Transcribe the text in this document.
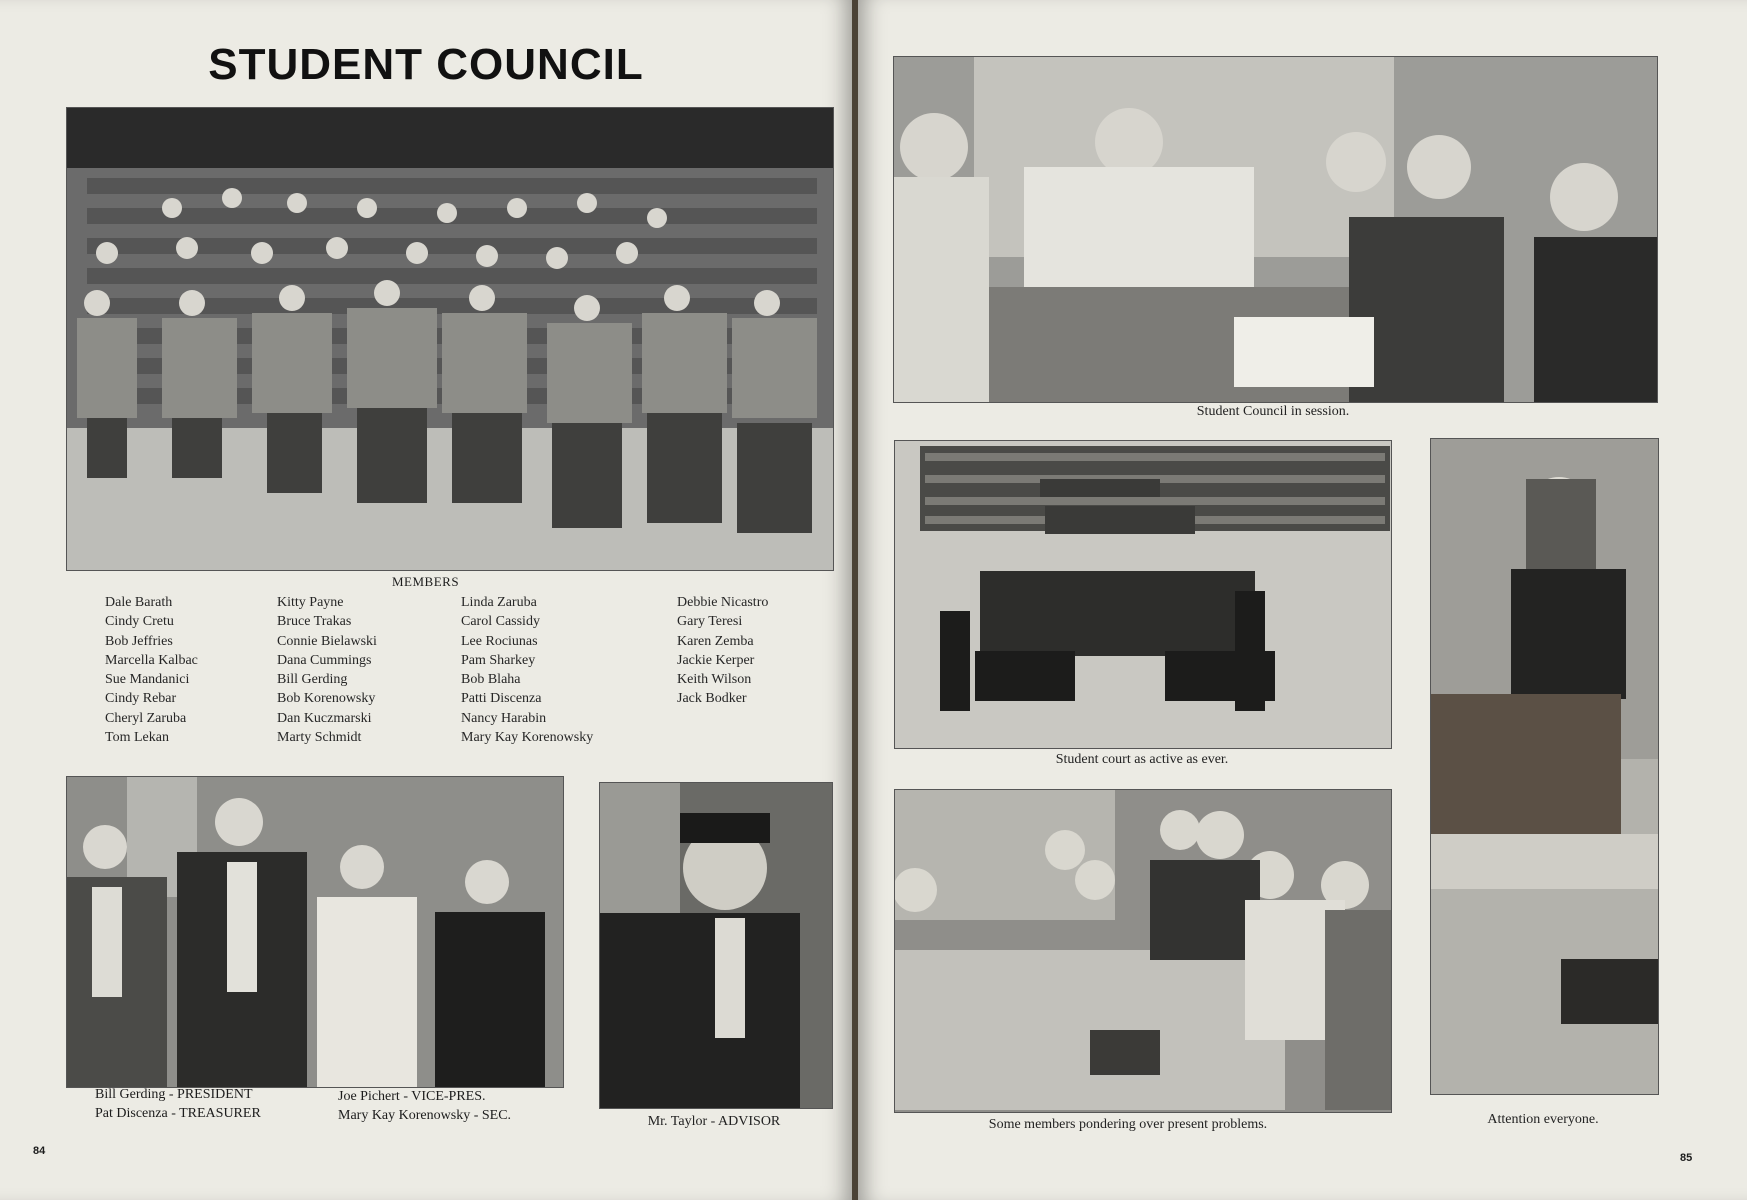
STUDENT COUNCIL
MEMBERS
Dale Barath
Cindy Cretu
Bob Jeffries
Marcella Kalbac
Sue Mandanici
Cindy Rebar
Cheryl Zaruba
Tom Lekan
Kitty Payne
Bruce Trakas
Connie Bielawski
Dana Cummings
Bill Gerding
Bob Korenowsky
Dan Kuczmarski
Marty Schmidt
Linda Zaruba
Carol Cassidy
Lee Rociunas
Pam Sharkey
Bob Blaha
Patti Discenza
Nancy Harabin
Mary Kay Korenowsky
Debbie Nicastro
Gary Teresi
Karen Zemba
Jackie Kerper
Keith Wilson
Jack Bodker
Bill Gerding - PRESIDENT
Pat Discenza - TREASURER
Joe Pichert - VICE-PRES.
Mary Kay Korenowsky - SEC.	Mr. Taylor - ADVISOR
84
Student Council in session.
Student court as active as ever.
Attention everyone.
Some members pondering over present problems.
85
